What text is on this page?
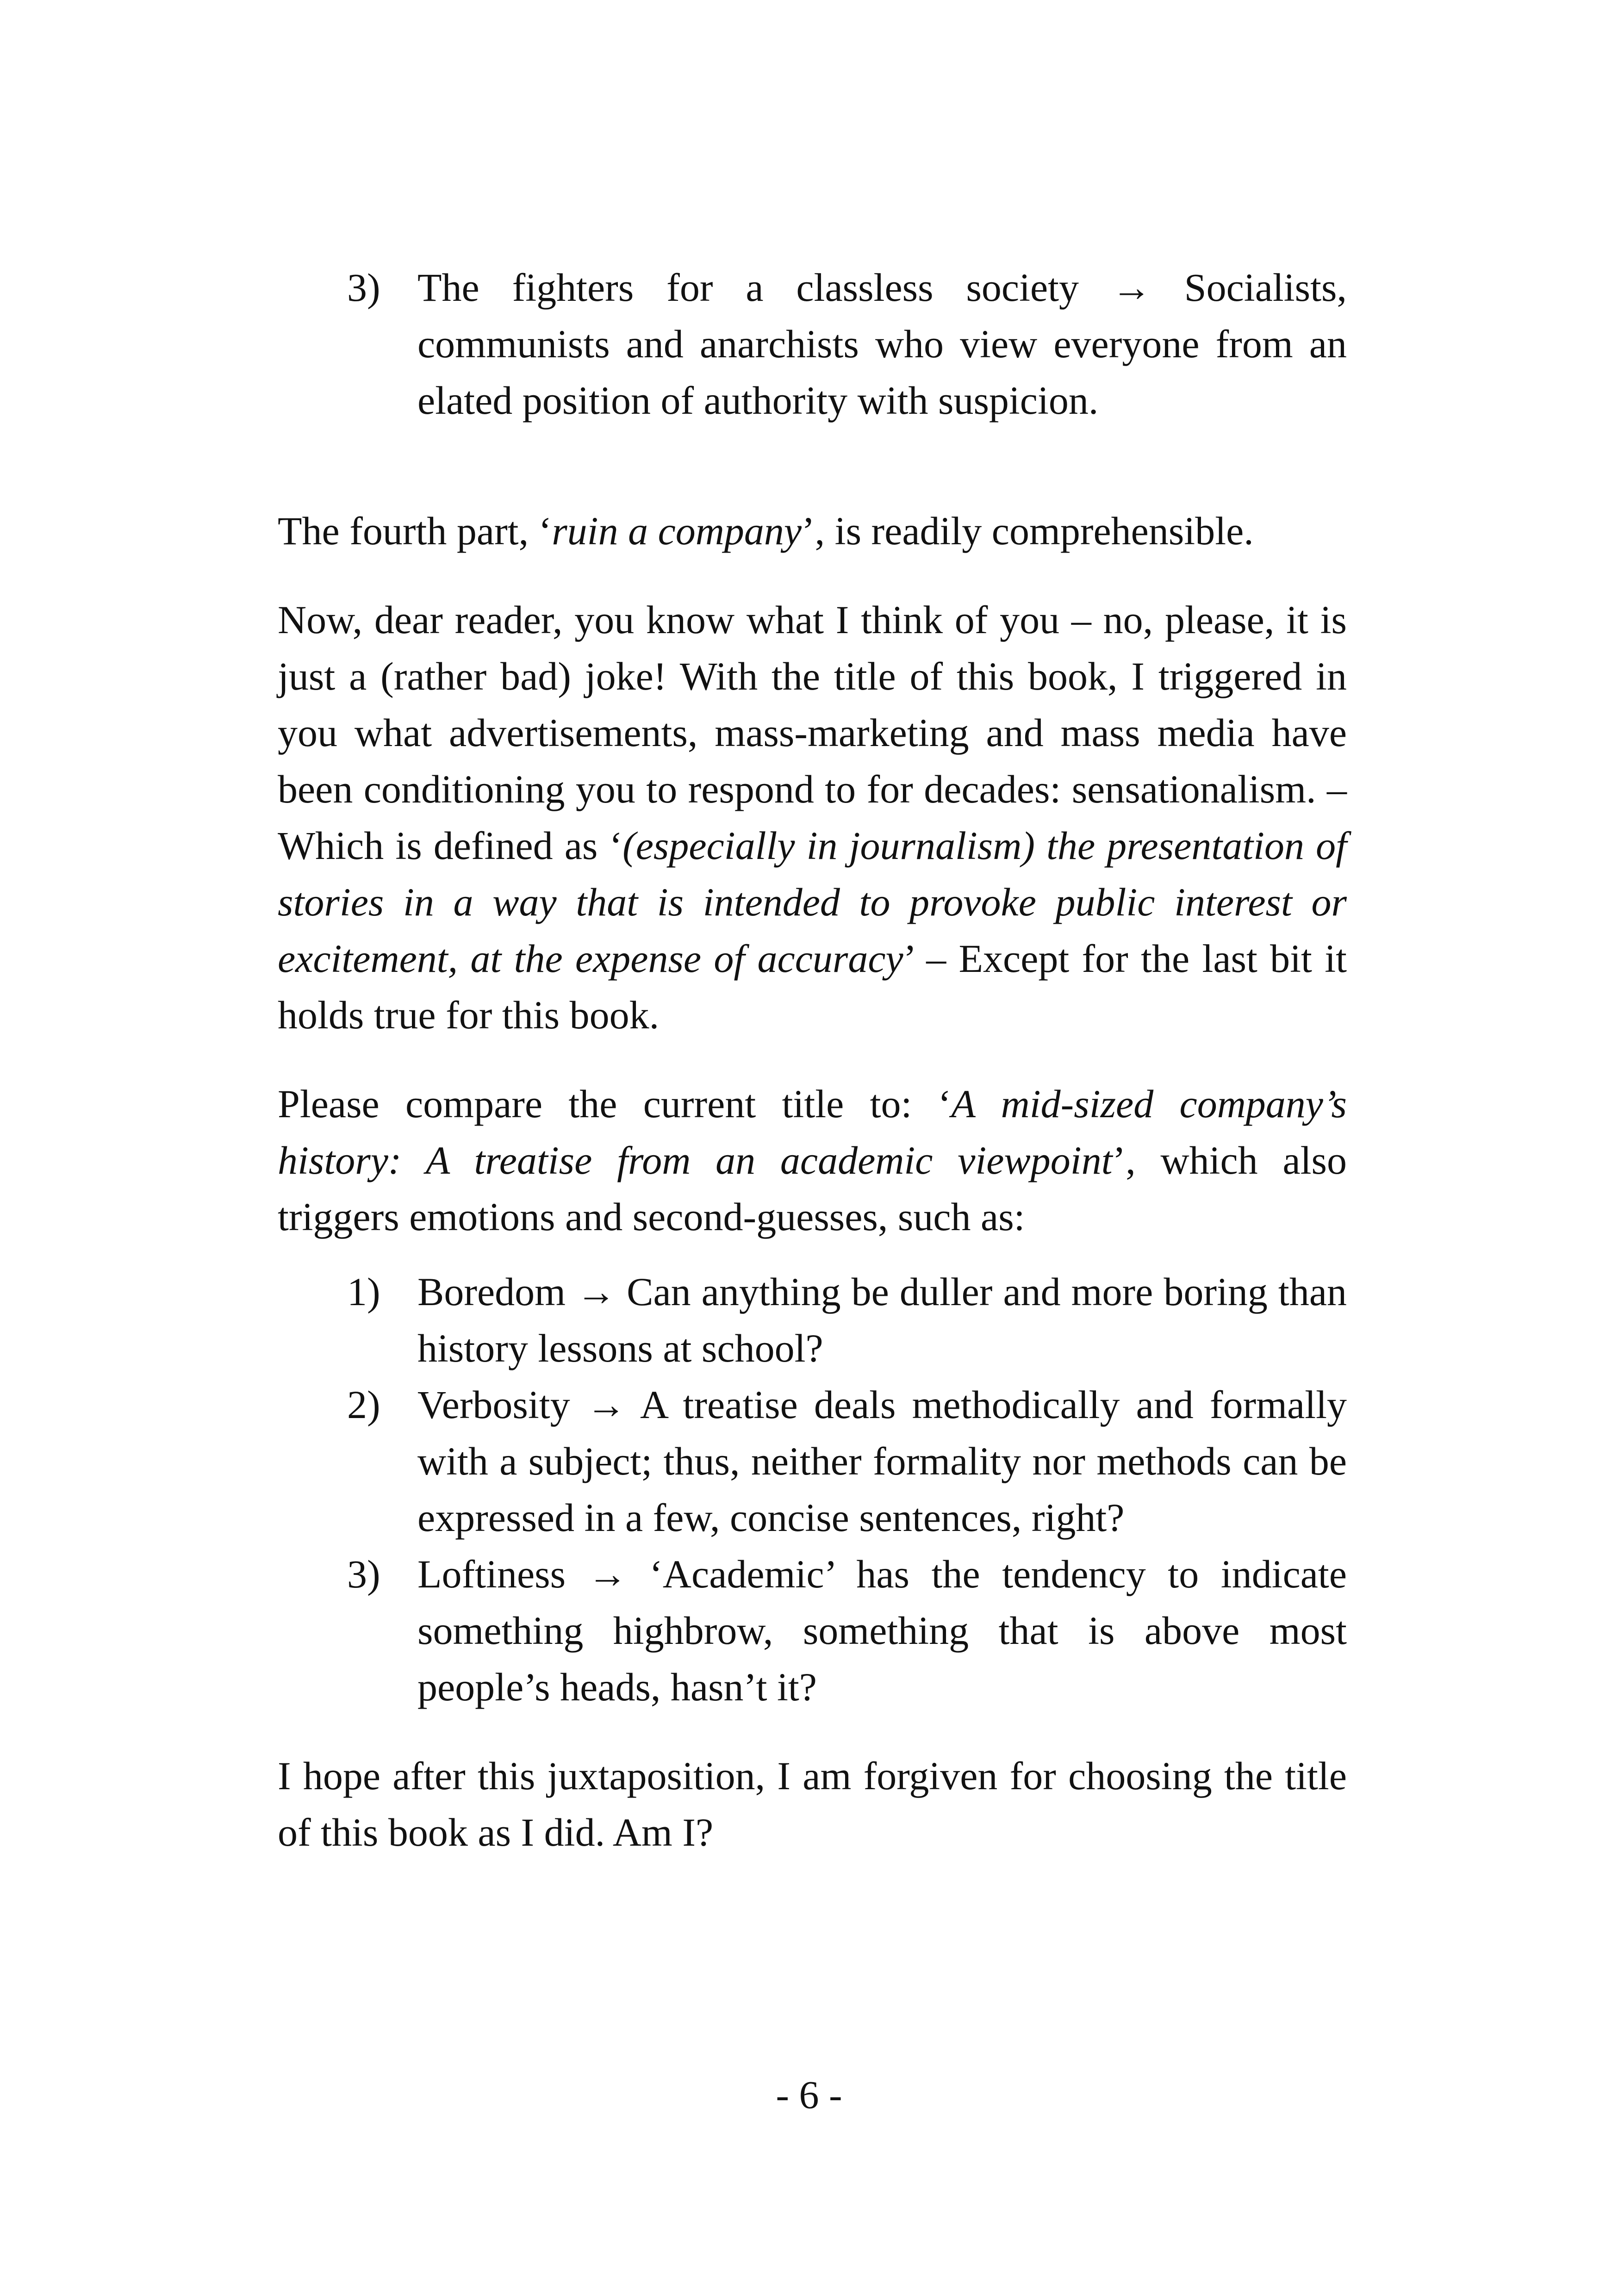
3) The fighters for a classless society → Socialists, communists and anarchists who view everyone from an elated position of authority with suspicion.

The fourth part, ‘ruin a company’, is readily comprehensible.

Now, dear reader, you know what I think of you – no, please, it is just a (rather bad) joke! With the title of this book, I triggered in you what advertisements, mass-marketing and mass media have been conditioning you to respond to for decades: sensationalism. – Which is defined as ‘(especially in journalism) the presentation of stories in a way that is intended to provoke public interest or excitement, at the expense of accuracy’ – Except for the last bit it holds true for this book.

Please compare the current title to: ‘A mid-sized company’s history: A treatise from an academic viewpoint’, which also triggers emotions and second-guesses, such as:

1) Boredom → Can anything be duller and more boring than history lessons at school?
2) Verbosity → A treatise deals methodically and formally with a subject; thus, neither formality nor methods can be expressed in a few, concise sentences, right?
3) Loftiness → ‘Academic’ has the tendency to indicate something highbrow, something that is above most people’s heads, hasn’t it?

I hope after this juxtaposition, I am forgiven for choosing the title of this book as I did. Am I?

- 6 -
